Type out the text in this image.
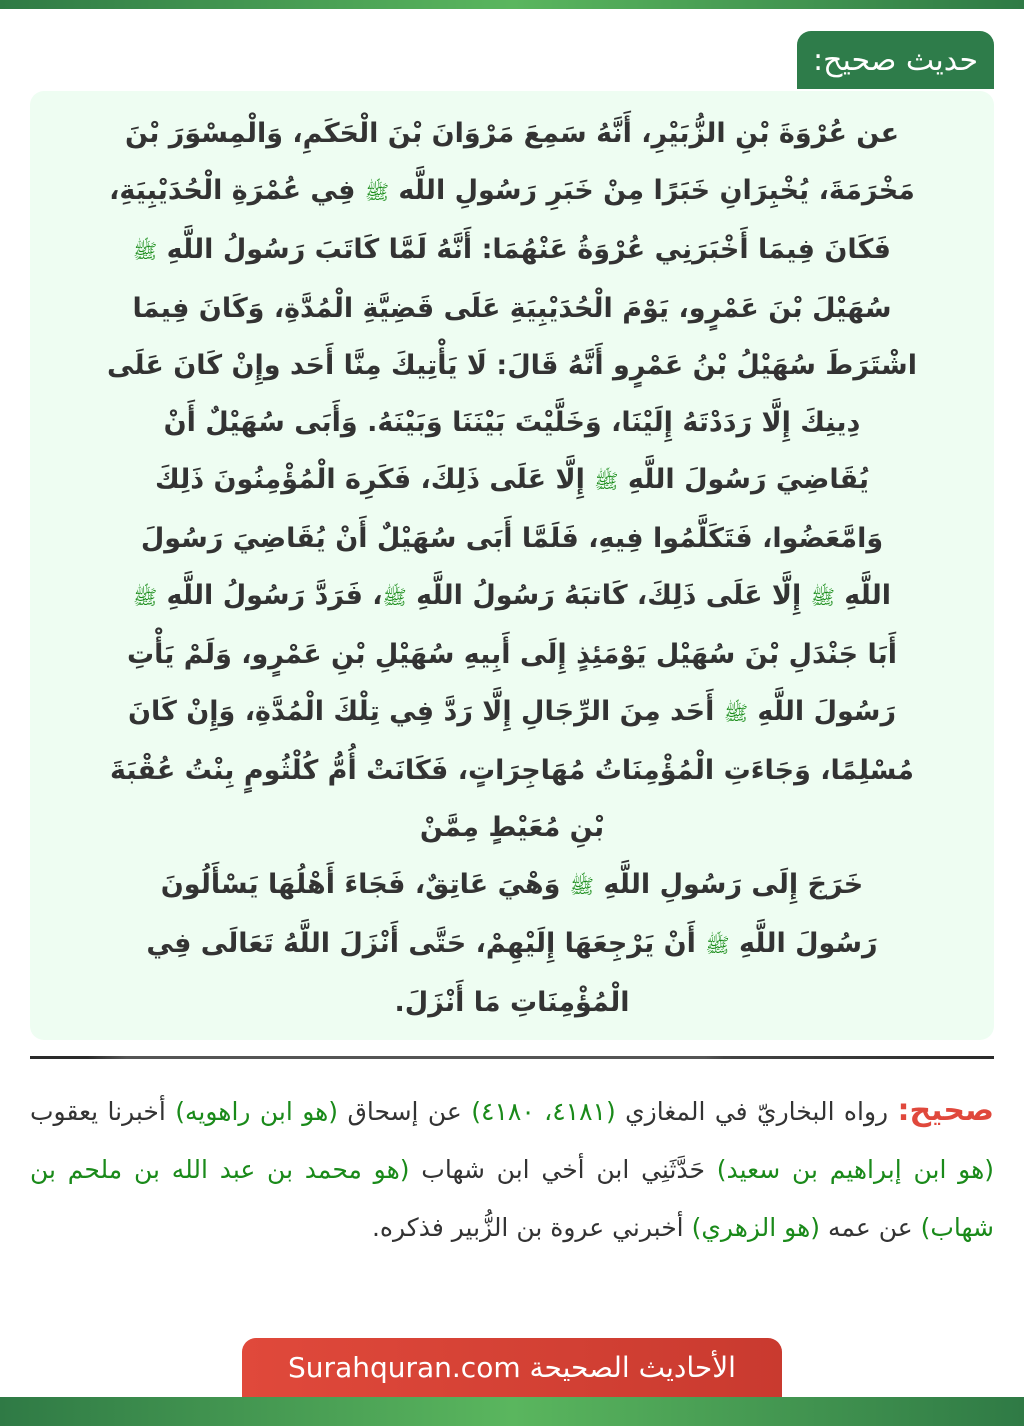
حديث صحيح:
عن عُرْوَةَ بْنِ الزُّبَيْرِ، أَنَّهُ سَمِعَ مَرْوَانَ بْنَ الْحَكَمِ، وَالْمِسْوَرَ بْنَ
مَخْرَمَةَ، يُخْبِرَانِ خَبَرًا مِنْ خَبَرِ رَسُولِ اللَّه ﷺ فِي عُمْرَةِ الْحُدَيْبِيَةِ،
فَكَانَ فِيمَا أَخْبَرَنِي عُرْوَةُ عَنْهُمَا: أَنَّهُ لَمَّا كَاتَبَ رَسُولُ اللَّهِ ﷺ
سُهَيْلَ بْنَ عَمْرٍو، يَوْمَ الْحُدَيْبِيَةِ عَلَى قَضِيَّةِ الْمُدَّةِ، وَكَانَ فِيمَا
اشْتَرَطَ سُهَيْلُ بْنُ عَمْرٍو أَنَّهُ قَالَ: لَا يَأْتِيكَ مِنَّا أَحَد وإِنْ كَانَ عَلَى
دِينِكَ إِلَّا رَدَدْتَهُ إِلَيْنَا، وَخَلَّيْتَ بَيْنَنَا وَبَيْنَهُ. وَأَبَى سُهَيْلٌ أَنْ
يُقَاضِيَ رَسُولَ اللَّهِ ﷺ إِلَّا عَلَى ذَلِكَ، فَكَرِهَ الْمُؤْمِنُونَ ذَلِكَ
وَامَّعَضُوا، فَتَكَلَّمُوا فِيهِ، فَلَمَّا أَبَى سُهَيْلٌ أَنْ يُقَاضِيَ رَسُولَ
اللَّهِ ﷺ إِلَّا عَلَى ذَلِكَ، كَاتبَهُ رَسُولُ اللَّهِ ﷺ، فَرَدَّ رَسُولُ اللَّهِ ﷺ
أَبَا جَنْدَلِ بْنَ سُهَيْل يَوْمَئِذٍ إِلَى أَبِيهِ سُهَيْلِ بْنِ عَمْرٍو، وَلَمْ يَأْتِ
رَسُولَ اللَّهِ ﷺ أَحَد مِنَ الرِّجَالِ إِلَّا رَدَّ فِي تِلْكَ الْمُدَّةِ، وَإِنْ كَانَ
مُسْلِمًا، وَجَاءَتِ الْمُؤْمِنَاتُ مُهَاجِرَاتٍ، فَكَانَتْ أُمُّ كُلْثُومٍ بِنْتُ عُقْبَةَ
بْنِ مُعَيْطٍ مِمَّنْ
خَرَجَ إِلَى رَسُولِ اللَّهِ ﷺ وَهْيَ عَاتِقٌ، فَجَاءَ أَهْلُهَا يَسْأَلُونَ
رَسُولَ اللَّهِ ﷺ أَنْ يَرْجِعَهَا إِلَيْهِمْ، حَتَّى أَنْزَلَ اللَّهُ تَعَالَى فِي
الْمُؤْمِنَاتِ مَا أَنْزَلَ.
صحيح: رواه البخاريّ في المغازي (٤١٨١، ٤١٨٠) عن إسحاق (هو ابن راهويه) أخبرنا يعقوب (هو ابن إبراهيم بن سعيد) حَدَّثَنِي ابن أخي ابن شهاب (هو محمد بن عبد الله بن ملحم بن شهاب) عن عمه (هو الزهري) أخبرني عروة بن الزُّبير فذكره.
الأحاديث الصحيحة Surahquran.com
